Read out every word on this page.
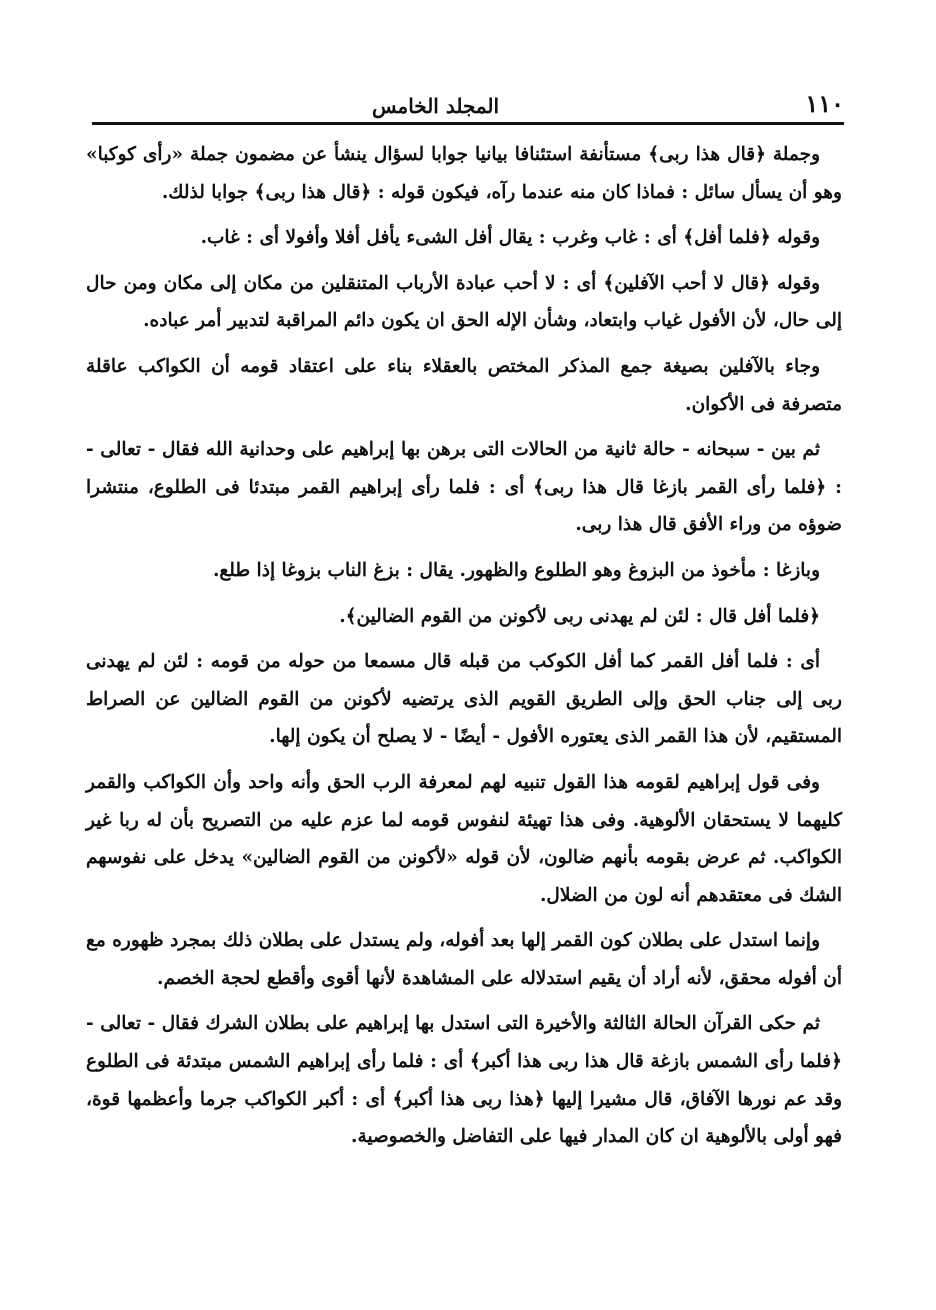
١١٠
المجلد الخامس

وجملة ﴿قال هذا ربى﴾ مستأنفة استئنافا بيانيا جوابا لسؤال ينشأ عن مضمون جملة «رأى كوكبا» وهو أن يسأل سائل : فماذا كان منه عندما رآه، فيكون قوله : ﴿قال هذا ربى﴾ جوابا لذلك.

وقوله ﴿فلما أفل﴾ أى : غاب وغرب : يقال أفل الشىء يأفل أفلا وأفولا أى : غاب.

وقوله ﴿قال لا أحب الآفلين﴾ أى : لا أحب عبادة الأرباب المتنقلين من مكان إلى مكان ومن حال إلى حال، لأن الأفول غياب وابتعاد، وشأن الإله الحق ان يكون دائم المراقبة لتدبير أمر عباده.

وجاء بالآفلين بصيغة جمع المذكر المختص بالعقلاء بناء على اعتقاد قومه أن الكواكب عاقلة متصرفة فى الأكوان.

ثم بين - سبحانه - حالة ثانية من الحالات التى برهن بها إبراهيم على وحدانية الله فقال - تعالى - : ﴿فلما رأى القمر بازغا قال هذا ربى﴾ أى : فلما رأى إبراهيم القمر مبتدئا فى الطلوع، منتشرا ضوؤه من وراء الأفق قال هذا ربى.

وبازغا : مأخوذ من البزوغ وهو الطلوع والظهور. يقال : بزغ الناب بزوغا إذا طلع.

﴿فلما أفل قال : لئن لم يهدنى ربى لأكونن من القوم الضالين﴾.

أى : فلما أفل القمر كما أفل الكوكب من قبله قال مسمعا من حوله من قومه : لئن لم يهدنى ربى إلى جناب الحق وإلى الطريق القويم الذى يرتضيه لأكونن من القوم الضالين عن الصراط المستقيم، لأن هذا القمر الذى يعتوره الأفول - أيضًا - لا يصلح أن يكون إلها.

وفى قول إبراهيم لقومه هذا القول تنبيه لهم لمعرفة الرب الحق وأنه واحد وأن الكواكب والقمر كليهما لا يستحقان الألوهية. وفى هذا تهيئة لنفوس قومه لما عزم عليه من التصريح بأن له ربا غير الكواكب. ثم عرض بقومه بأنهم ضالون، لأن قوله «لأكونن من القوم الضالين» يدخل على نفوسهم الشك فى معتقدهم أنه لون من الضلال.

وإنما استدل على بطلان كون القمر إلها بعد أفوله، ولم يستدل على بطلان ذلك بمجرد ظهوره مع أن أفوله محقق، لأنه أراد أن يقيم استدلاله على المشاهدة لأنها أقوى وأقطع لحجة الخصم.

ثم حكى القرآن الحالة الثالثة والأخيرة التى استدل بها إبراهيم على بطلان الشرك فقال - تعالى - ﴿فلما رأى الشمس بازغة قال هذا ربى هذا أكبر﴾ أى : فلما رأى إبراهيم الشمس مبتدئة فى الطلوع وقد عم نورها الآفاق، قال مشيرا إليها ﴿هذا ربى هذا أكبر﴾ أى : أكبر الكواكب جرما وأعظمها قوة، فهو أولى بالألوهية ان كان المدار فيها على التفاضل والخصوصية.
